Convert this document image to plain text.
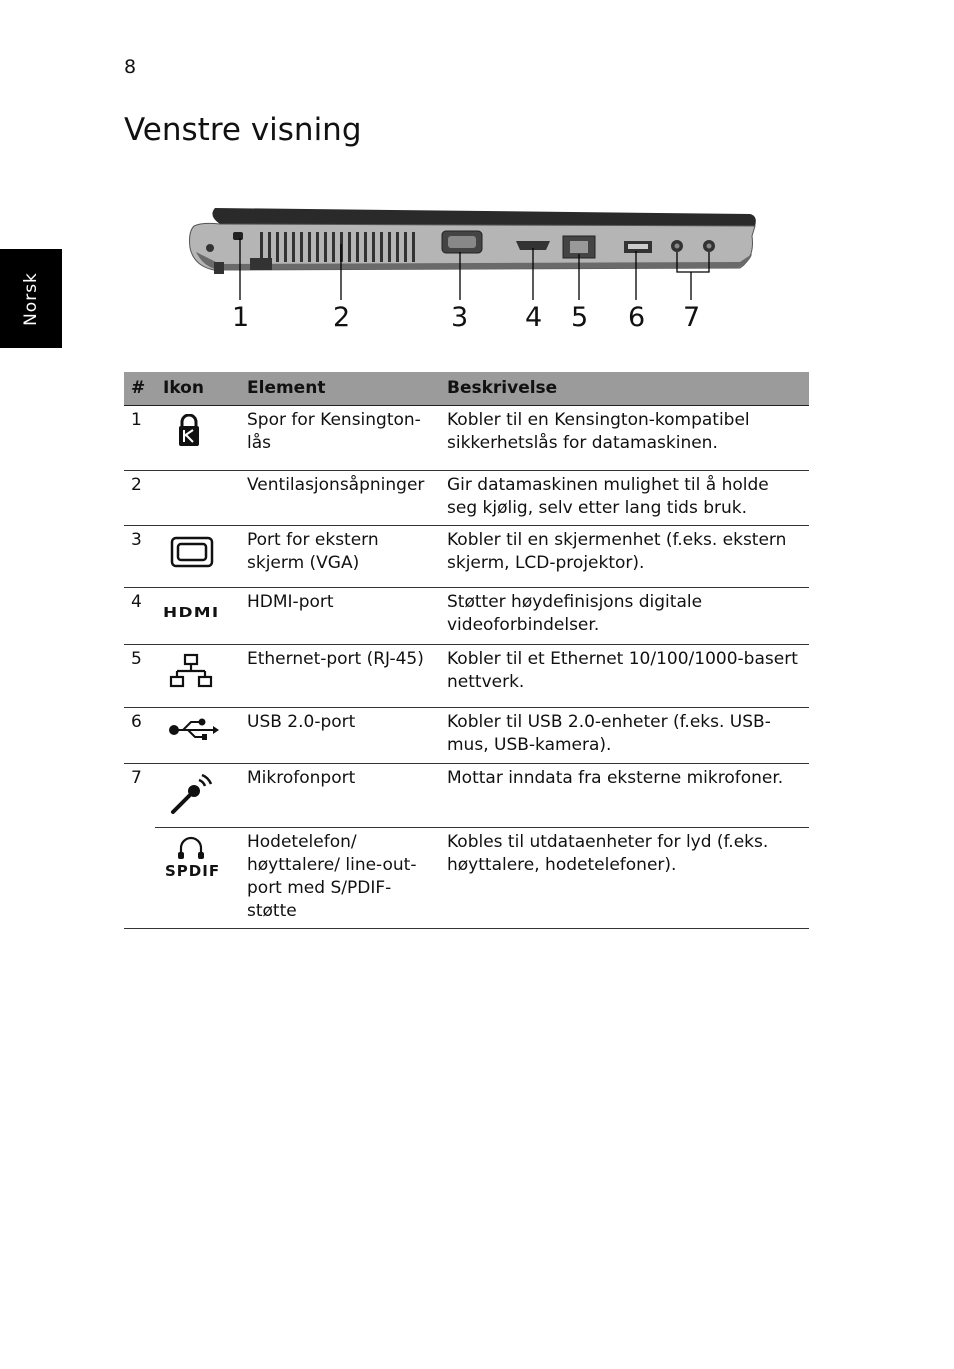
8
Venstre visning
Norsk	1	2	3 4 5 6 7
#	Ikon	Element	Beskrivelse
1		Spor for Kensington-lås	Kobler til en Kensington-kompatibel sikkerhetslås for datamaskinen.
2		Ventilasjonsåpninger	Gir datamaskinen mulighet til å holde seg kjølig, selv etter lang tids bruk.
3		Port for ekstern skjerm (VGA)	Kobler til en skjermenhet (f.eks. ekstern skjerm, LCD-projektor).
4	HDMI	HDMI-port	Støtter høydefinisjons digitale videoforbindelser.
5		Ethernet-port (RJ-45)	Kobler til et Ethernet 10/100/1000-basert nettverk.
6		USB 2.0-port	Kobler til USB 2.0-enheter (f.eks. USB-mus, USB-kamera).
7		Mikrofonport	Mottar inndata fra eksterne mikrofoner.

	SPDIF	Hodetelefon/ høyttalere/ line-out-port med S/PDIF-støtte	Kobles til utdataenheter for lyd (f.eks. høyttalere, hodetelefoner).
